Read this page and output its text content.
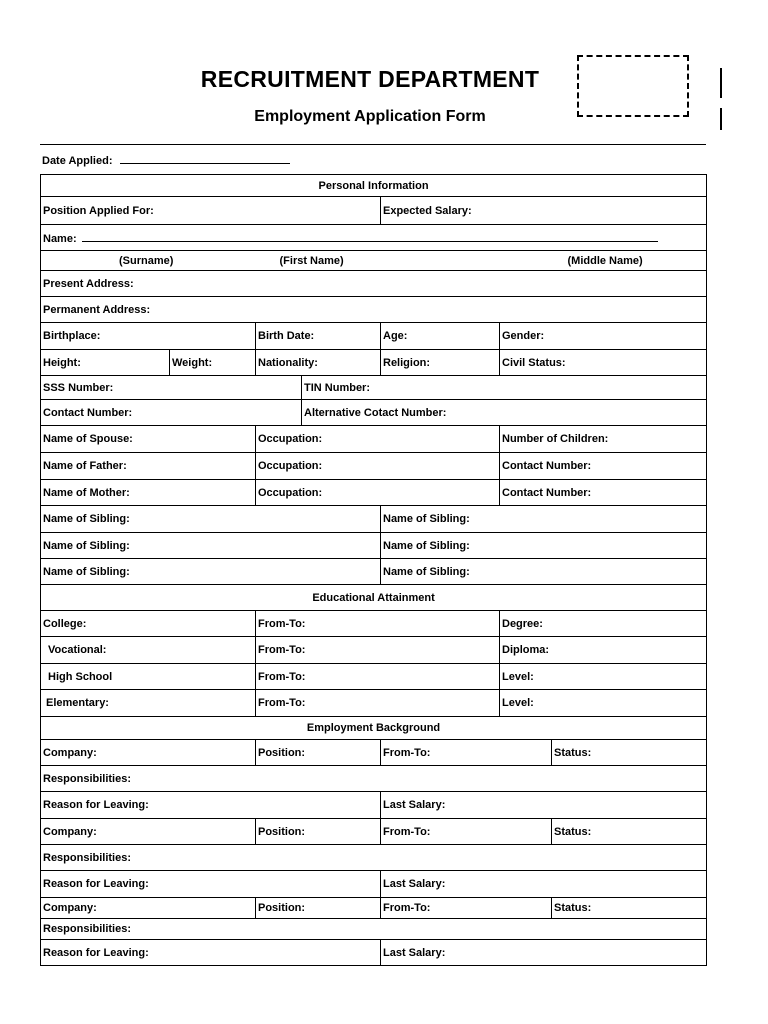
RECRUITMENT DEPARTMENT
Employment Application Form
Date Applied:
Personal Information						
Position Applied For:				Expected Salary:		
Name:						
(Surname)		(First Name)			(Middle Name)	
Present Address:						
Permanent Address:						
Birthplace:		Birth Date:		Age:	Gender:	
Height:	Weight:	Nationality:		Religion:	Civil Status:	
SSS Number:			TIN Number:			
Contact Number:			Alternative Cotact Number:			
Name of Spouse:		Occupation:			Number of Children:	
Name of Father:		Occupation:			Contact Number:	
Name of Mother:		Occupation:			Contact Number:	
Name of Sibling:				Name of Sibling:		
Name of Sibling:				Name of Sibling:		
Name of Sibling:				Name of Sibling:		
Educational Attainment						
College:		From-To:			Degree:	
Vocational:		From-To:			Diploma:	
High School		From-To:			Level:	
Elementary:		From-To:			Level:	
Employment Background						
Company:		Position:		From-To:		Status:
Responsibilities:						
Reason for Leaving:				Last Salary:		
Company:		Position:		From-To:		Status:
Responsibilities:						
Reason for Leaving:				Last Salary:		
Company:		Position:		From-To:		Status:
Responsibilities:						
Reason for Leaving:				Last Salary:		
